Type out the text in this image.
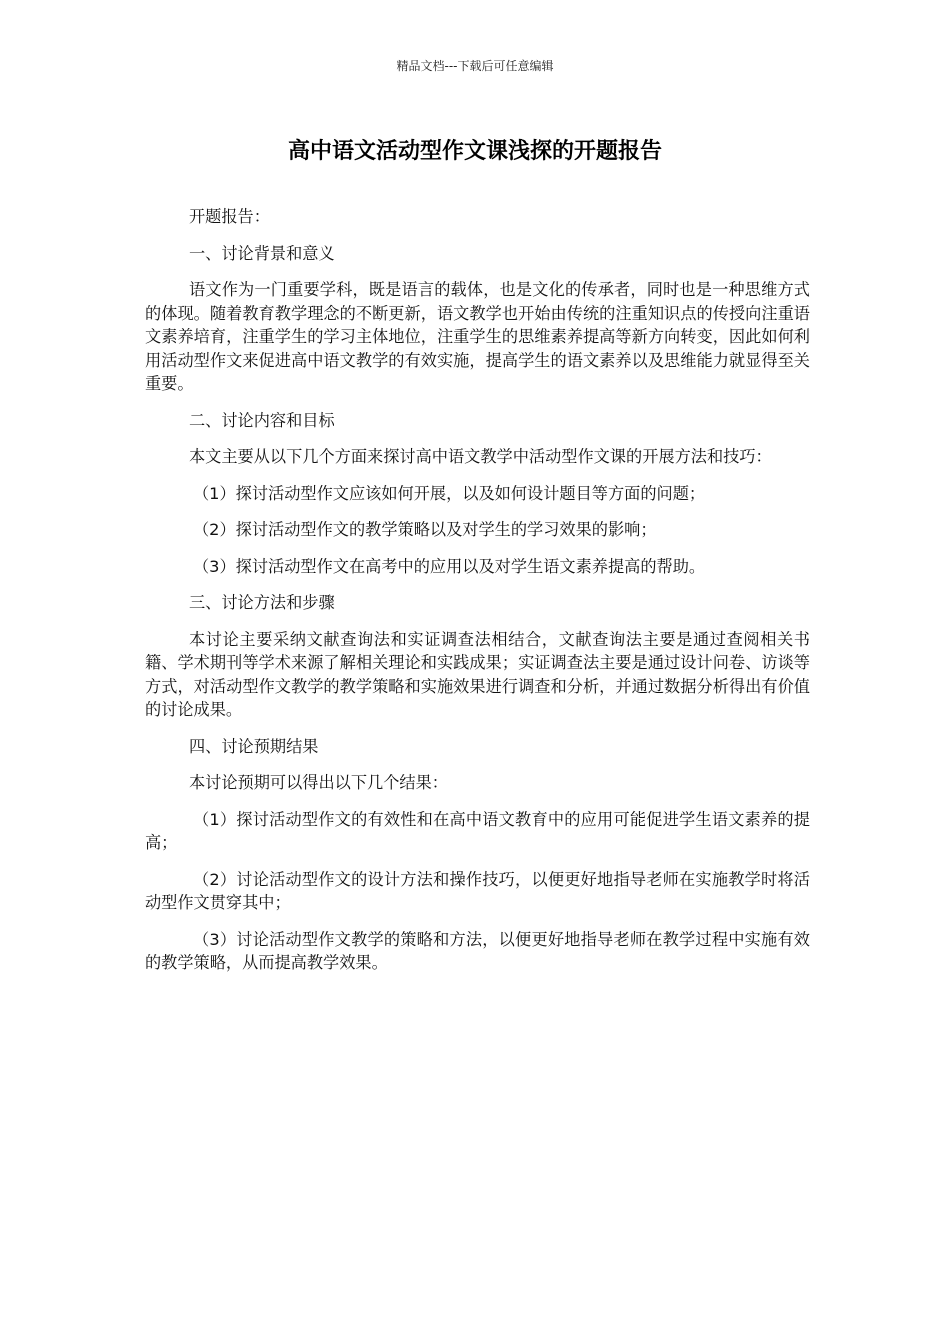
精品文档---下载后可任意编辑
高中语文活动型作文课浅探的开题报告

开题报告：

一、讨论背景和意义

语文作为一门重要学科，既是语言的载体，也是文化的传承者，同时也是一种思维方式的体现。随着教育教学理念的不断更新，语文教学也开始由传统的注重知识点的传授向注重语文素养培育，注重学生的学习主体地位，注重学生的思维素养提高等新方向转变，因此如何利用活动型作文来促进高中语文教学的有效实施，提高学生的语文素养以及思维能力就显得至关重要。

二、讨论内容和目标

本文主要从以下几个方面来探讨高中语文教学中活动型作文课的开展方法和技巧：

（1）探讨活动型作文应该如何开展，以及如何设计题目等方面的问题；

（2）探讨活动型作文的教学策略以及对学生的学习效果的影响；

（3）探讨活动型作文在高考中的应用以及对学生语文素养提高的帮助。

三、讨论方法和步骤

本讨论主要采纳文献查询法和实证调查法相结合，文献查询法主要是通过查阅相关书籍、学术期刊等学术来源了解相关理论和实践成果；实证调查法主要是通过设计问卷、访谈等方式，对活动型作文教学的教学策略和实施效果进行调查和分析，并通过数据分析得出有价值的讨论成果。

四、讨论预期结果

本讨论预期可以得出以下几个结果：

（1）探讨活动型作文的有效性和在高中语文教育中的应用可能促进学生语文素养的提高；

（2）讨论活动型作文的设计方法和操作技巧，以便更好地指导老师在实施教学时将活动型作文贯穿其中；

（3）讨论活动型作文教学的策略和方法，以便更好地指导老师在教学过程中实施有效的教学策略，从而提高教学效果。
